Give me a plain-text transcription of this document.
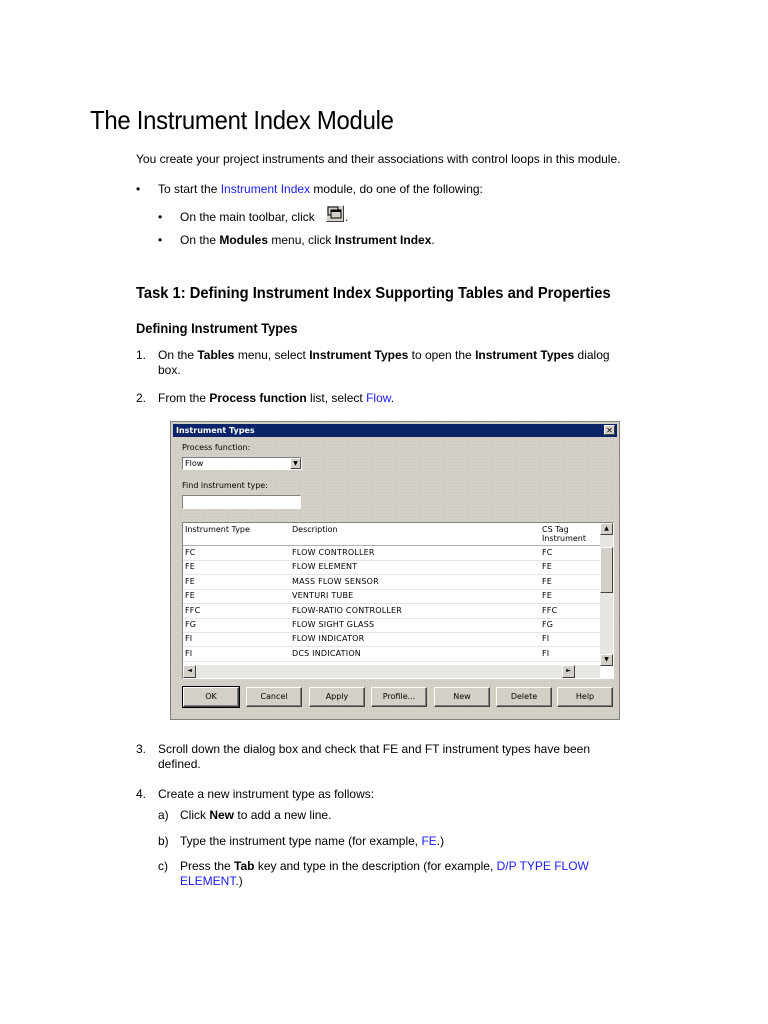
The Instrument Index Module
You create your project instruments and their associations with control loops in this module.
• To start the Instrument Index module, do one of the following:
• On the main toolbar, click	.
• On the Modules menu, click Instrument Index.
Task 1: Defining Instrument Index Supporting Tables and Properties
Defining Instrument Types
1. On the Tables menu, select Instrument Types to open the Instrument Types dialog
box.
2. From the Process function list, select Flow.
Instrument Types	✕
Process function:
Flow	▼
Find instrument type:
Instrument Type	Description	CS Tag Instrument
FC	FLOW CONTROLLER	FC
FE	FLOW ELEMENT	FE
FE	MASS FLOW SENSOR	FE
FE	VENTURI TUBE	FE
FFC	FLOW-RATIO CONTROLLER	FFC
FG	FLOW SIGHT GLASS	FG
FI	FLOW INDICATOR	FI
FI	DCS INDICATION	FI
▲
▼
◄	►
OK	Cancel	Apply	Profile...	New	Delete	Help
3. Scroll down the dialog box and check that FE and FT instrument types have been
defined.
4. Create a new instrument type as follows:
a) Click New to add a new line.
b) Type the instrument type name (for example, FE.)
c) Press the Tab key and type in the description (for example, D/P TYPE FLOW
ELEMENT.)
